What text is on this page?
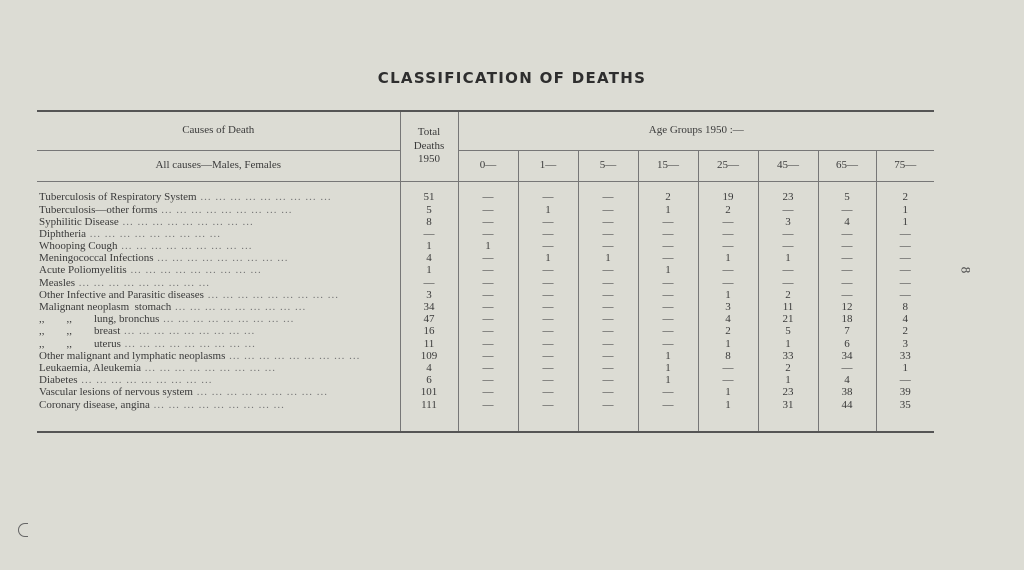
CLASSIFICATION OF DEATHS
8
Causes of Death	Total Deaths 1950	Age Groups 1950 :—							
All causes—Males, Females		0—	1—	5—	15—	25—	45—	65—	75—
Tuberculosis of Respiratory System ... ... ... ... ... ... ... ... ...	51	—	—	—	2	19	23	5	2
Tuberculosis—other forms ... ... ... ... ... ... ... ... ...	5	—	1	—	1	2	—	—	1
Syphilitic Disease ... ... ... ... ... ... ... ... ...	8	—	—	—	—	—	3	4	1
Diphtheria ... ... ... ... ... ... ... ... ...	—	—	—	—	—	—	—	—	—
Whooping Cough ... ... ... ... ... ... ... ... ...	1	1	—	—	—	—	—	—	—
Meningococcal Infections ... ... ... ... ... ... ... ... ...	4	—	1	1	—	1	1	—	—
Acute Poliomyelitis ... ... ... ... ... ... ... ... ...	1	—	—	—	1	—	—	—	—
Measles ... ... ... ... ... ... ... ... ...	—	—	—	—	—	—	—	—	—
Other Infective and Parasitic diseases ... ... ... ... ... ... ... ... ...	3	—	—	—	—	1	2	—	—
Malignant neoplasm  stomach ... ... ... ... ... ... ... ... ...	34	—	—	—	—	3	11	12	8
,,        ,,        lung, bronchus ... ... ... ... ... ... ... ... ...	47	—	—	—	—	4	21	18	4
,,        ,,        breast ... ... ... ... ... ... ... ... ...	16	—	—	—	—	2	5	7	2
,,        ,,        uterus ... ... ... ... ... ... ... ... ...	11	—	—	—	—	1	1	6	3
Other malignant and lymphatic neoplasms ... ... ... ... ... ... ... ... ...	109	—	—	—	1	8	33	34	33
Leukaemia, Aleukemia ... ... ... ... ... ... ... ... ...	4	—	—	—	1	—	2	—	1
Diabetes ... ... ... ... ... ... ... ... ...	6	—	—	—	1	—	1	4	—
Vascular lesions of nervous system ... ... ... ... ... ... ... ... ...	101	—	—	—	—	1	23	38	39
Coronary disease, angina ... ... ... ... ... ... ... ... ...	111	—	—	—	—	1	31	44	35
